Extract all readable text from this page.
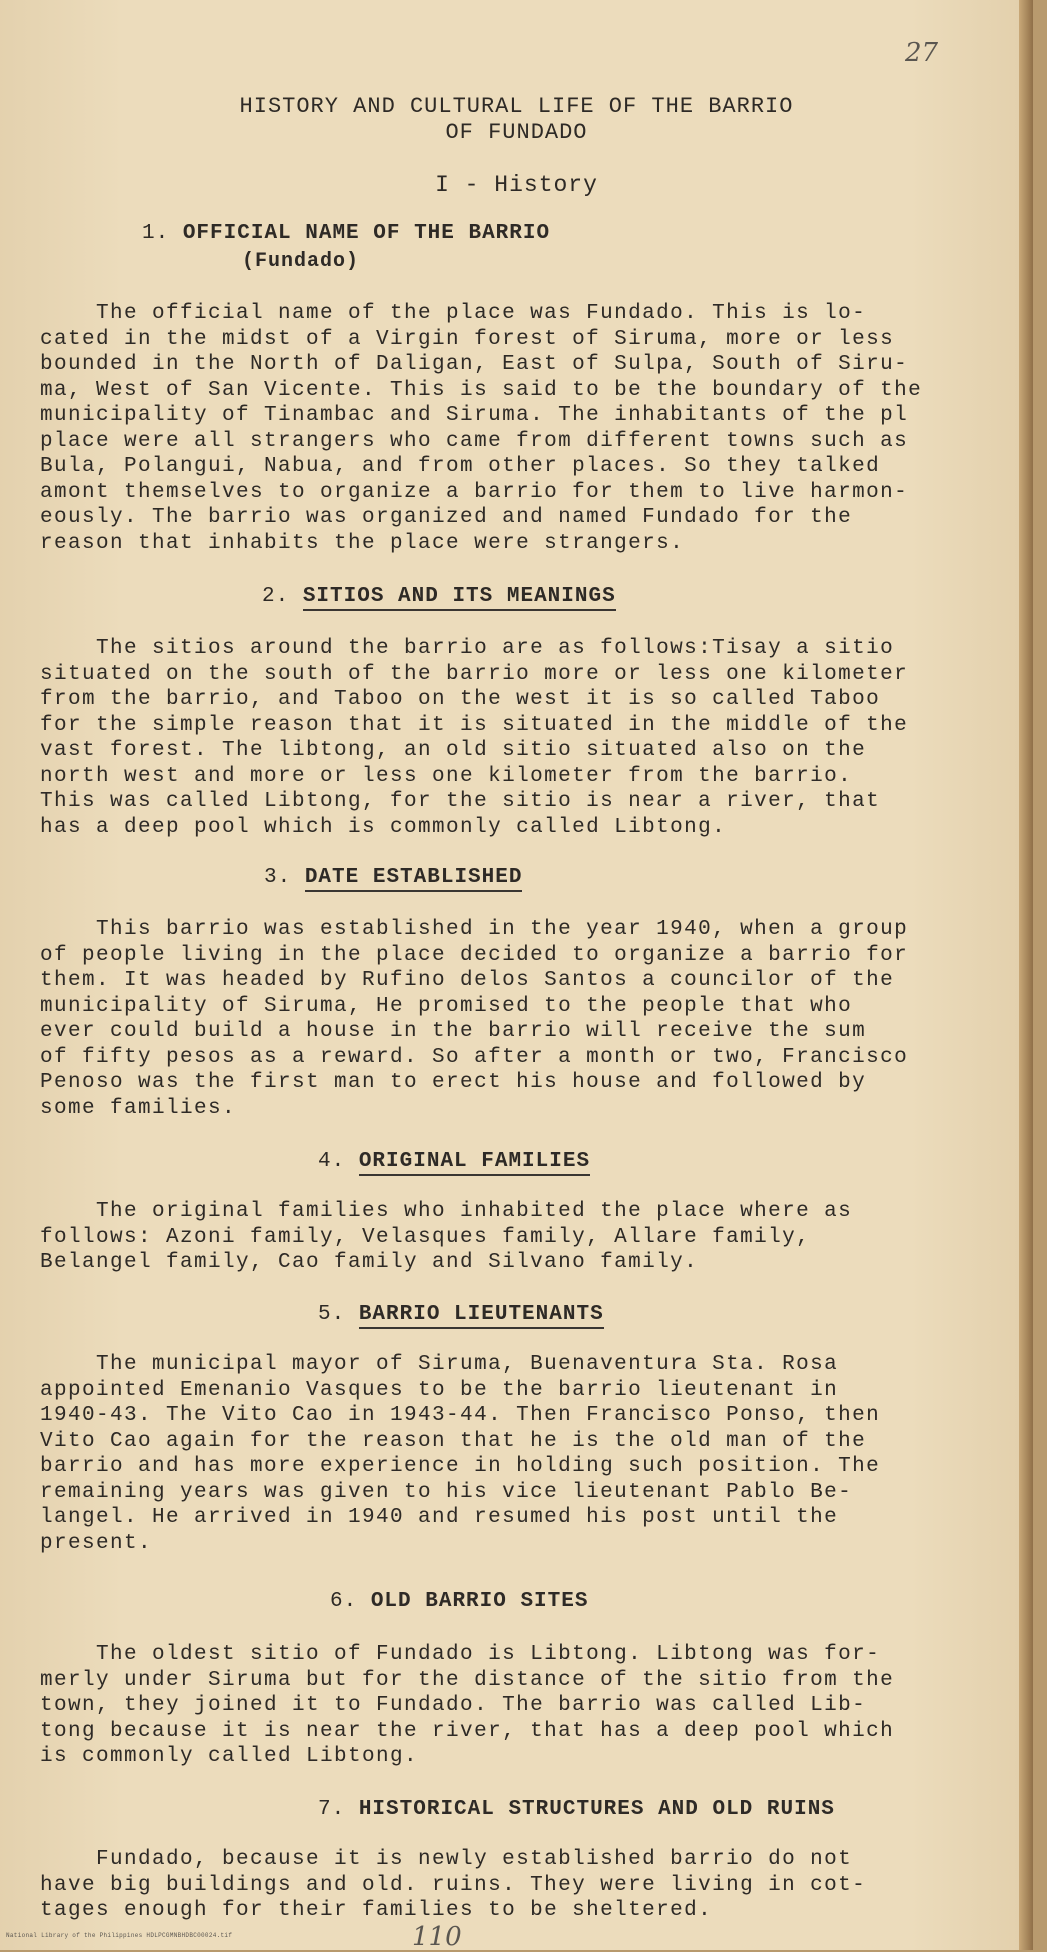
27
HISTORY AND CULTURAL LIFE OF THE BARRIO
OF FUNDADO
I - History
1. OFFICIAL NAME OF THE BARRIO
(Fundado)
The official name of the place was Fundado. This is lo-
cated in the midst of a Virgin forest of Siruma, more or less
bounded in the North of Daligan, East of Sulpa, South of Siru-
ma, West of San Vicente. This is said to be the boundary of the
municipality of Tinambac and Siruma. The inhabitants of the pl
place were all strangers who came from different towns such as
Bula, Polangui, Nabua, and from other places. So they talked
amont themselves to organize a barrio for them to live harmon-
eously. The barrio was organized and named Fundado for the
reason that inhabits the place were strangers.
2. SITIOS AND ITS MEANINGS
The sitios around the barrio are as follows:Tisay a sitio
situated on the south of the barrio more or less one kilometer
from the barrio, and Taboo on the west it is so called Taboo
for the simple reason that it is situated in the middle of the
vast forest. The libtong, an old sitio situated also on the
north west and more or less one kilometer from the barrio.
This was called Libtong, for the sitio is near a river, that
has a deep pool which is commonly called Libtong.
3. DATE ESTABLISHED
This barrio was established in the year 1940, when a group
of people living in the place decided to organize a barrio for
them. It was headed by Rufino delos Santos a councilor of the
municipality of Siruma, He promised to the people that who
ever could build a house in the barrio will receive the sum
of fifty pesos as a reward. So after a month or two, Francisco
Penoso was the first man to erect his house and followed by
some families.
4. ORIGINAL FAMILIES
The original families who inhabited the place where as
follows: Azoni family, Velasques family, Allare family,
Belangel family, Cao family and Silvano family.
5. BARRIO LIEUTENANTS
The municipal mayor of Siruma, Buenaventura Sta. Rosa
appointed Emenanio Vasques to be the barrio lieutenant in
1940-43. The Vito Cao in 1943-44. Then Francisco Ponso, then
Vito Cao again for the reason that he is the old man of the
barrio and has more experience in holding such position. The
remaining years was given to his vice lieutenant Pablo Be-
langel. He arrived in 1940 and resumed his post until the
present.
6. OLD BARRIO SITES
The oldest sitio of Fundado is Libtong. Libtong was for-
merly under Siruma but for the distance of the sitio from the
town, they joined it to Fundado. The barrio was called Lib-
tong because it is near the river, that has a deep pool which
is commonly called Libtong.
7. HISTORICAL STRUCTURES AND OLD RUINS
Fundado, because it is newly established barrio do not
have big buildings and old. ruins. They were living in cot-
tages enough for their families to be sheltered.
National Library of the Philippines HDLPCGMNBHDBC00024.tif	110
